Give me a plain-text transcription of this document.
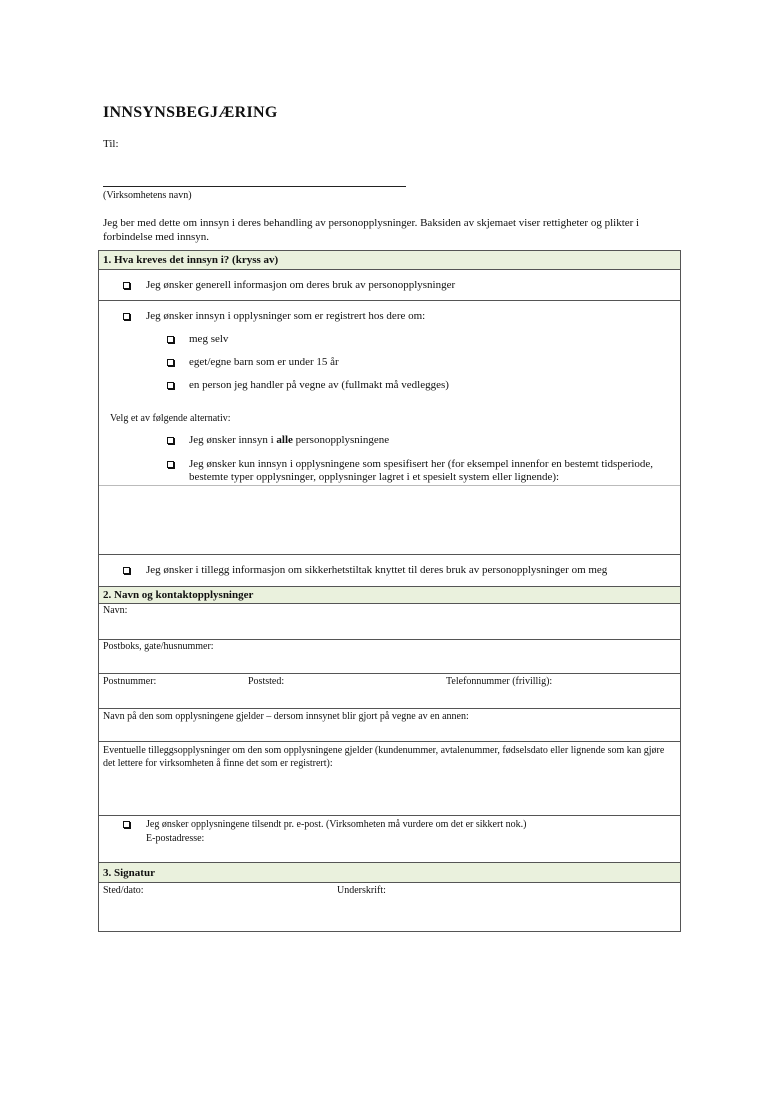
INNSYNSBEGJÆRING
Til:
(Virksomhetens navn)
Jeg ber med dette om innsyn i deres behandling av personopplysninger. Baksiden av skjemaet viser rettigheter og plikter i forbindelse med innsyn.
1. Hva kreves det innsyn i? (kryss av)
Jeg ønsker generell informasjon om deres bruk av personopplysninger
Jeg ønsker innsyn i opplysninger som er registrert hos dere om:
meg selv
eget/egne barn som er under 15 år
en person jeg handler på vegne av (fullmakt må vedlegges)
Velg et av følgende alternativ:
Jeg ønsker innsyn i alle personopplysningene
Jeg ønsker kun innsyn i opplysningene som spesifisert her (for eksempel innenfor en bestemt tidsperiode, bestemte typer opplysninger, opplysninger lagret i et spesielt system eller lignende):
Jeg ønsker i tillegg informasjon om sikkerhetstiltak knyttet til deres bruk av personopplysninger om meg
2. Navn og kontaktopplysninger
Navn:
Postboks, gate/husnummer:
Postnummer:	Poststed:	Telefonnummer (frivillig):
Navn på den som opplysningene gjelder – dersom innsynet blir gjort på vegne av en annen:
Eventuelle tilleggsopplysninger om den som opplysningene gjelder (kundenummer, avtalenummer, fødselsdato eller lignende som kan gjøre det lettere for virksomheten å finne det som er registrert):
Jeg ønsker opplysningene tilsendt pr. e-post. (Virksomheten må vurdere om det er sikkert nok.)
E-postadresse:
3. Signatur
Sted/dato:	Underskrift:
